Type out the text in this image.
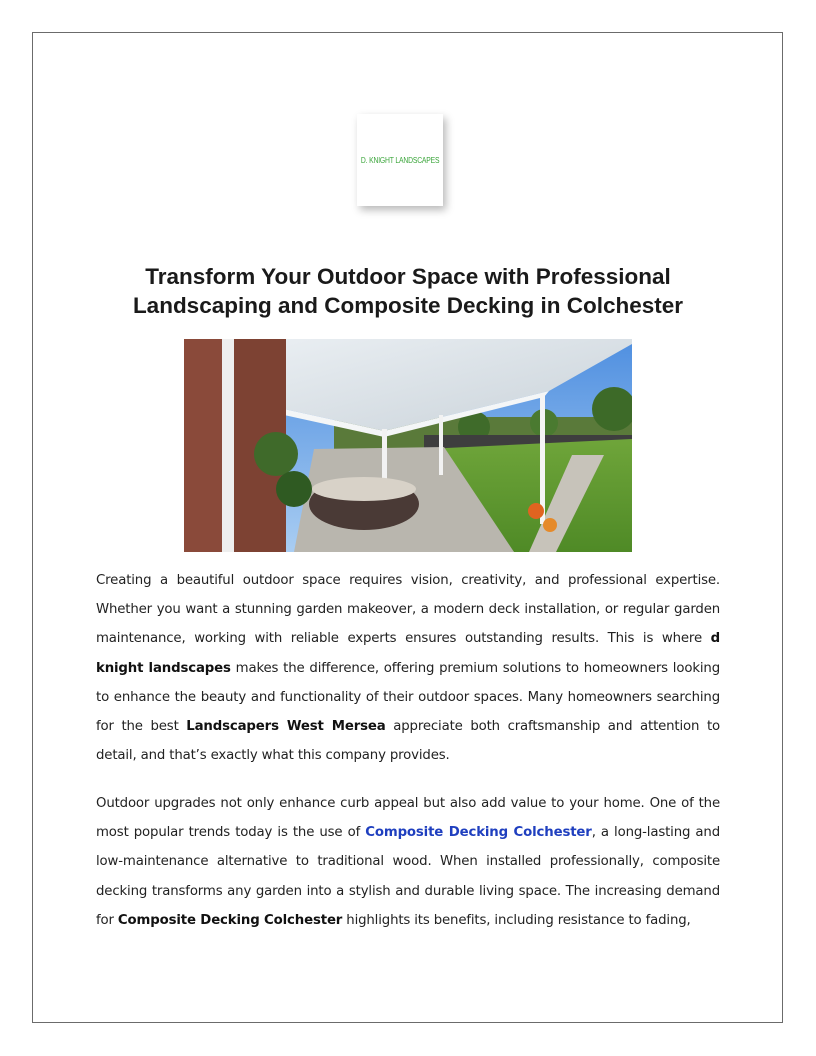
D. KNIGHT LANDSCAPES
Transform Your Outdoor Space with Professional
Landscaping and Composite Decking in Colchester

Creating a beautiful outdoor space requires vision, creativity, and professional expertise. Whether you want a stunning garden makeover, a modern deck installation, or regular garden maintenance, working with reliable experts ensures outstanding results. This is where d knight landscapes makes the difference, offering premium solutions to homeowners looking to enhance the beauty and functionality of their outdoor spaces. Many homeowners searching for the best Landscapers West Mersea appreciate both craftsmanship and attention to detail, and that’s exactly what this company provides.

Outdoor upgrades not only enhance curb appeal but also add value to your home. One of the most popular trends today is the use of Composite Decking Colchester, a long-lasting and low-maintenance alternative to traditional wood. When installed professionally, composite decking transforms any garden into a stylish and durable living space. The increasing demand for Composite Decking Colchester highlights its benefits, including resistance to fading,
